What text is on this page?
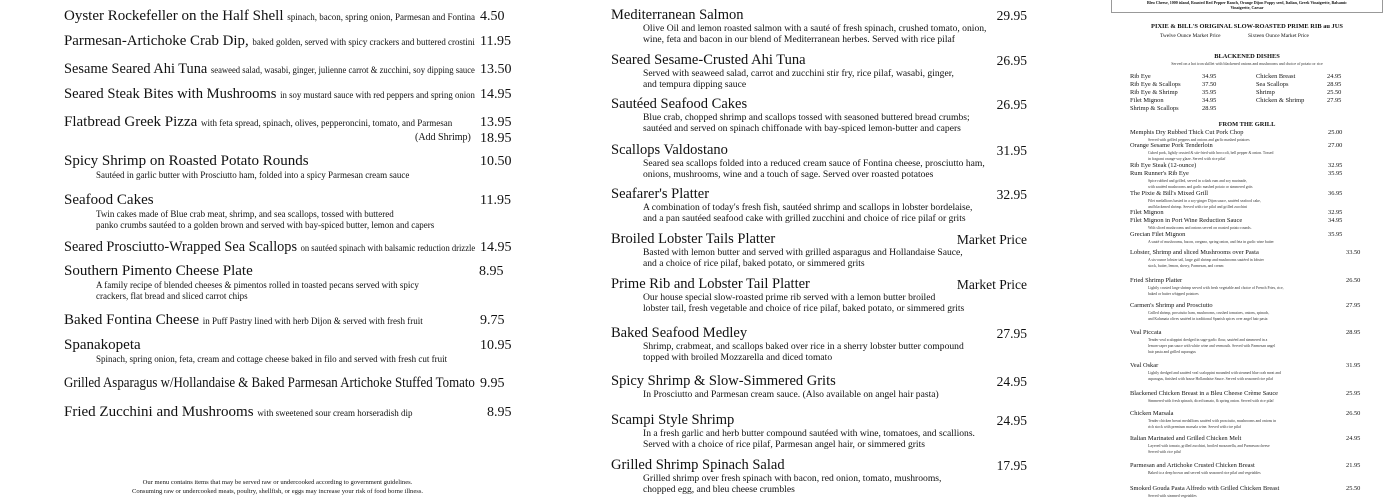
Oyster Rockefeller on the Half Shell spinach, bacon, spring onion, Parmesan and Fontina 4.50
Parmesan-Artichoke Crab Dip, baked golden, served with spicy crackers and buttered crostini 11.95
Sesame Seared Ahi Tuna seaweed salad, wasabi, ginger, julienne carrot & zucchini, soy dipping sauce 13.50
Seared Steak Bites with Mushrooms in soy mustard sauce with red peppers and spring onion 14.95
Flatbread Greek Pizza with feta spread, spinach, olives, pepperoncini, tomato, and Parmesan 13.95
(Add Shrimp) 18.95
Spicy Shrimp on Roasted Potato Rounds	10.50
Sautéed in garlic butter with Prosciutto ham, folded into a spicy Parmesan cream sauce
Seafood Cakes	11.95
Twin cakes made of Blue crab meat, shrimp, and sea scallops, tossed with buttered
panko crumbs sautéed to a golden brown and served with bay-spiced butter, lemon and capers
Seared Prosciutto-Wrapped Sea Scallops on sautéed spinach with balsamic reduction drizzle 14.95
Southern Pimento Cheese Plate	8.95
A family recipe of blended cheeses & pimentos rolled in toasted pecans served with spicy
crackers, flat bread and sliced carrot chips
Baked Fontina Cheese in Puff Pastry lined with herb Dijon & served with fresh fruit	9.75
Spanakopeta	10.95
Spinach, spring onion, feta, cream and cottage cheese baked in filo and served with fresh cut fruit
Grilled Asparagus w/Hollandaise & Baked Parmesan Artichoke Stuffed Tomato 9.95
Fried Zucchini and Mushrooms with sweetened sour cream horseradish dip	8.95
Our menu contains items that may be served raw or undercooked according to government guidelines.
Consuming raw or undercooked meats, poultry, shellfish, or eggs may increase your risk of food borne illness.
Mediterranean Salmon	29.95
Olive Oil and lemon roasted salmon with a sauté of fresh spinach, crushed tomato, onion,
wine, feta and bacon in our blend of Mediterranean herbes. Served with rice pilaf
Seared Sesame-Crusted Ahi Tuna	26.95
Served with seaweed salad, carrot and zucchini stir fry, rice pilaf, wasabi, ginger,
and tempura dipping sauce
Sautéed Seafood Cakes	26.95
Blue crab, chopped shrimp and scallops tossed with seasoned buttered bread crumbs;
sautéed and served on spinach chiffonade with bay-spiced lemon-butter and capers
Scallops Valdostano	31.95
Seared sea scallops folded into a reduced cream sauce of Fontina cheese, prosciutto ham,
onions, mushrooms, wine and a touch of sage. Served over roasted potatoes
Seafarer's Platter	32.95
A combination of today's fresh fish, sautéed shrimp and scallops in lobster bordelaise,
and a pan sautéed seafood cake with grilled zucchini and choice of rice pilaf or grits
Broiled Lobster Tails Platter	Market Price
Basted with lemon butter and served with grilled asparagus and Hollandaise Sauce,
and a choice of rice pilaf, baked potato, or simmered grits
Prime Rib and Lobster Tail Platter	Market Price
Our house special slow-roasted prime rib served with a lemon butter broiled
lobster tail, fresh vegetable and choice of rice pilaf, baked potato, or simmered grits
Baked Seafood Medley	27.95
Shrimp, crabmeat, and scallops baked over rice in a sherry lobster butter compound
topped with broiled Mozzarella and diced tomato
Spicy Shrimp & Slow-Simmered Grits	24.95
In Prosciutto and Parmesan cream sauce. (Also available on angel hair pasta)
Scampi Style Shrimp	24.95
In a fresh garlic and herb butter compound sautéed with wine, tomatoes, and scallions.
Served with a choice of rice pilaf, Parmesan angel hair, or simmered grits
Grilled Shrimp Spinach Salad	17.95
Grilled shrimp over fresh spinach with bacon, red onion, tomato, mushrooms,
chopped egg, and bleu cheese crumbles
Bleu Cheese, 1000 island, Roasted Red Pepper Ranch, Orange Dijon Poppy seed, Italian, Greek Vinaigrette, Balsamic
Vinaigrette, Caesar
PIXIE & BILL'S ORIGINAL SLOW-ROASTED PRIME RIB au JUS
Twelve Ounce Market Price	Sixteen Ounce Market Price
BLACKENED DISHES
Served on a hot iron skillet with blackened onions and mushrooms and choice of potato or rice
Rib Eye	34.95
Rib Eye & Scallops	37.50
Rib Eye & Shrimp	35.95
Filet Mignon	34.95
Shrimp & Scallops	28.95
Chicken Breast	24.95
Sea Scallops	28.95
Shrimp	25.50
Chicken & Shrimp	27.95
FROM THE GRILL
Memphis Dry Rubbed Thick Cut Pork Chop	25.00
Served with grilled peppers and onions and garlic mashed potatoes
Orange Sesame Pork Tenderloin	27.00
Cubed pork, lightly crusted & stir-fried with broccoli, bell pepper & onion. Tossed
in fragrant orange-soy glaze. Served with rice pilaf
Rib Eye Steak (12-ounce)	32.95
Rum Runner's Rib Eye	35.95
Spice rubbed and grilled, served in a dark rum and soy marinade,
with sautéed mushrooms and garlic mashed potato or simmered grits
The Pixie & Bill's Mixed Grill	36.95
Filet medallions basted in a soy-ginger Dijon sauce, sautéed seafood cake,
and blackened shrimp. Served with rice pilaf and grilled zucchini
Filet Mignon	32.95
Filet Mignon in Port Wine Reduction Sauce	34.95
With sliced mushrooms and onions served on roasted potato rounds.
Grecian Filet Mignon	35.95
A sauté of mushrooms, bacon, oregano, spring onion, and feta in garlic wine butter
Lobster, Shrimp and sliced Mushrooms over Pasta	33.50
A six-ounce lobster tail, large gulf shrimp and mushrooms sautéed in lobster
stock, butter, lemon, sherry, Parmesan, and cream
Fried Shrimp Platter	26.50
Lightly crusted large shrimp served with fresh vegetable and choice of French Fries, rice,
baked or butter whipped potatoes
Carmen's Shrimp and Prosciutto	27.95
Grilled shrimp, prosciutto ham, mushrooms, crushed tomatoes, onions, spinach,
and Kalamata olives sautéed in traditional Spanish spices over angel hair pasta
Veal Piccata	28.95
Tender veal scaloppini dredged in sage-garlic flour, sautéed and simmered in a
lemon-caper pan sauce with white wine and vermouth. Served with Parmesan angel
hair pasta and grilled asparagus
Veal Oskar	31.95
Lightly dredged and sautéed veal scaloppini mounded with steamed blue crab meat and
asparagus, finished with house Hollandaise Sauce. Served with seasoned rice pilaf
Blackened Chicken Breast in a Bleu Cheese Crème Sauce	25.95
Simmered with fresh spinach, diced tomato, & spring onion. Served with rice pilaf
Chicken Marsala	26.50
Tender chicken breast medallions sautéed with prosciutto, mushrooms and onions in
rich stock with premium marsala wine. Served with rice pilaf
Italian Marinated and Grilled Chicken Melt	24.95
Layered with tomato, grilled zucchini, broiled mozzarella, and Parmesan cheese
Served with rice pilaf
Parmesan and Artichoke Crusted Chicken Breast	21.95
Baked to a deep brown and served with seasoned rice pilaf and vegetables
Smoked Gouda Pasta Alfredo with Grilled Chicken Breast	25.50
Served with steamed vegetables
